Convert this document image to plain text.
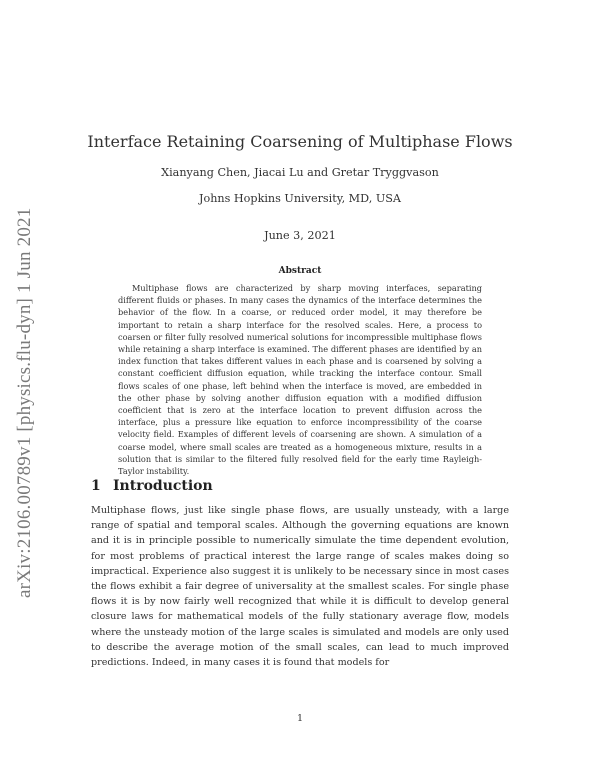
arXiv:2106.00789v1 [physics.flu-dyn] 1 Jun 2021
Interface Retaining Coarsening of Multiphase Flows
Xianyang Chen, Jiacai Lu and Gretar Tryggvason
Johns Hopkins University, MD, USA
June 3, 2021
Abstract
Multiphase flows are characterized by sharp moving interfaces, separating different fluids or phases. In many cases the dynamics of the interface determines the behavior of the flow. In a coarse, or reduced order model, it may therefore be important to retain a sharp interface for the resolved scales. Here, a process to coarsen or filter fully resolved numerical solutions for incompressible multiphase flows while retaining a sharp interface is examined. The different phases are identified by an index function that takes different values in each phase and is coarsened by solving a constant coefficient diffusion equation, while tracking the interface contour. Small flows scales of one phase, left behind when the interface is moved, are embedded in the other phase by solving another diffusion equation with a modified diffusion coefficient that is zero at the interface location to prevent diffusion across the interface, plus a pressure like equation to enforce incompressibility of the coarse velocity field. Examples of different levels of coarsening are shown. A simulation of a coarse model, where small scales are treated as a homogeneous mixture, results in a solution that is similar to the filtered fully resolved field for the early time Rayleigh-Taylor instability.
1 Introduction
Multiphase flows, just like single phase flows, are usually unsteady, with a large range of spatial and temporal scales. Although the governing equations are known and it is in principle possible to numerically simulate the time dependent evolution, for most problems of practical interest the large range of scales makes doing so impractical. Experience also suggest it is unlikely to be necessary since in most cases the flows exhibit a fair degree of universality at the smallest scales. For single phase flows it is by now fairly well recognized that while it is difficult to develop general closure laws for mathematical models of the fully stationary average flow, models where the unsteady motion of the large scales is simulated and models are only used to describe the average motion of the small scales, can lead to much improved predictions. Indeed, in many cases it is found that models for
1
